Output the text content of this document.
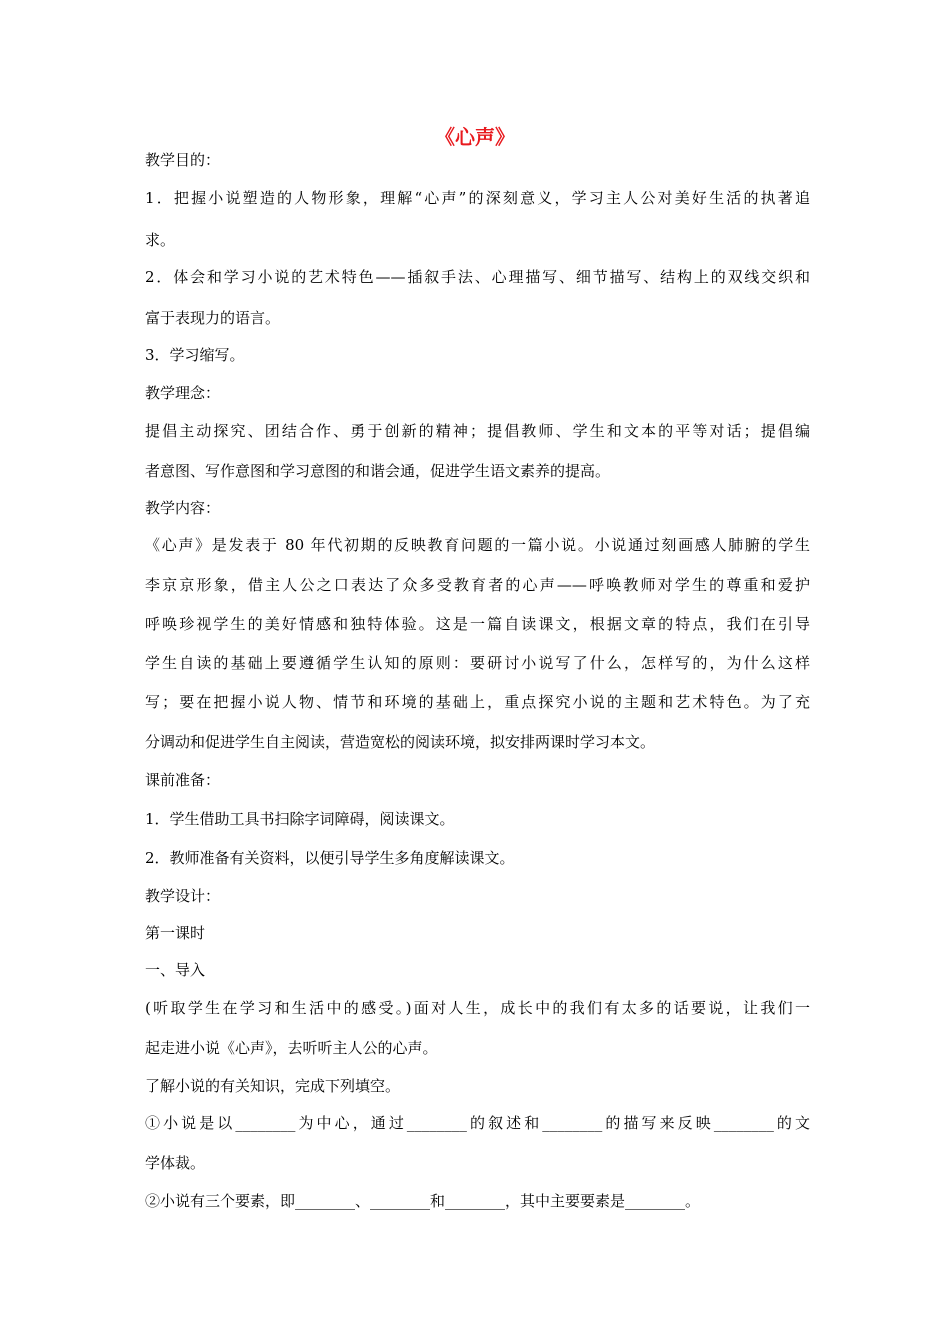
《心声》
教学目的：
1．把握小说塑造的人物形象，理解“心声”的深刻意义，学习主人公对美好生活的执著追
求。
2．体会和学习小说的艺术特色——插叙手法、心理描写、细节描写、结构上的双线交织和
富于表现力的语言。
3．学习缩写。
教学理念：
提倡主动探究、团结合作、勇于创新的精神；提倡教师、学生和文本的平等对话；提倡编
者意图、写作意图和学习意图的和谐会通，促进学生语文素养的提高。
教学内容：
《心声》是发表于 80 年代初期的反映教育问题的一篇小说。小说通过刻画感人肺腑的学生
李京京形象，借主人公之口表达了众多受教育者的心声——呼唤教师对学生的尊重和爱护
呼唤珍视学生的美好情感和独特体验。这是一篇自读课文，根据文章的特点，我们在引导
学生自读的基础上要遵循学生认知的原则：要研讨小说写了什么，怎样写的，为什么这样
写；要在把握小说人物、情节和环境的基础上，重点探究小说的主题和艺术特色。为了充
分调动和促进学生自主阅读，营造宽松的阅读环境，拟安排两课时学习本文。
课前准备：
1．学生借助工具书扫除字词障碍，阅读课文。
2．教师准备有关资料，以便引导学生多角度解读课文。
教学设计：
第一课时
一、导入
(听取学生在学习和生活中的感受。)面对人生，成长中的我们有太多的话要说，让我们一
起走进小说《心声》，去听听主人公的心声。
了解小说的有关知识，完成下列填空。
①小说是以________为中心，通过________的叙述和________的描写来反映________的文
学体裁。
②小说有三个要素，即________、________和________，其中主要要素是________。
